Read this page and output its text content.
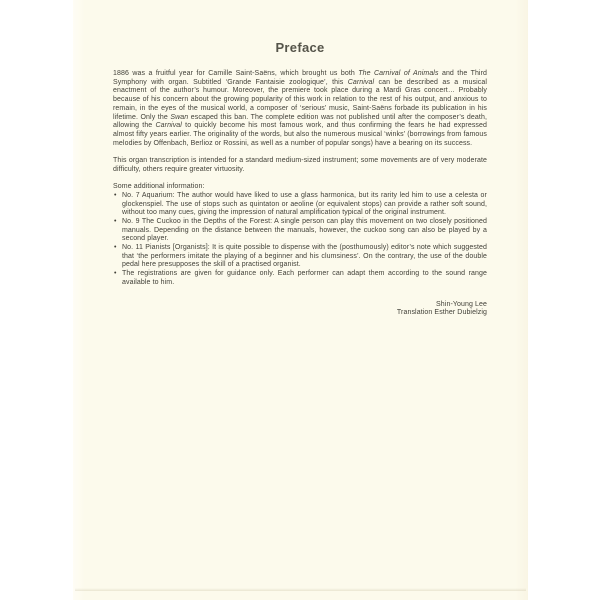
Preface

1886 was a fruitful year for Camille Saint-Saëns, which brought us both The Carnival of Animals and the Third Symphony with organ. Subtitled ‘Grande Fantaisie zoologique’, this Carnival can be described as a musical enactment of the author’s humour. Moreover, the premiere took place during a Mardi Gras concert… Probably because of his concern about the growing popularity of this work in relation to the rest of his output, and anxious to remain, in the eyes of the musical world, a composer of ‘serious’ music, Saint-Saëns forbade its publication in his lifetime. Only the Swan escaped this ban. The complete edition was not published until after the composer’s death, allowing the Carnival to quickly become his most famous work, and thus confirming the fears he had expressed almost fifty years earlier. The originality of the words, but also the numerous musical ‘winks’ (borrowings from famous melodies by Offenbach, Berlioz or Rossini, as well as a number of popular songs) have a bearing on its success.

This organ transcription is intended for a standard medium-sized instrument; some movements are of very moderate difficulty, others require greater virtuosity.

Some additional information:

• No. 7 Aquarium: The author would have liked to use a glass harmonica, but its rarity led him to use a celesta or glockenspiel. The use of stops such as quintaton or aeoline (or equivalent stops) can provide a rather soft sound, without too many cues, giving the impression of natural amplification typical of the original instrument.
• No. 9 The Cuckoo in the Depths of the Forest: A single person can play this movement on two closely positioned manuals. Depending on the distance between the manuals, however, the cuckoo song can also be played by a second player.
• No. 11 Pianists [Organists]: It is quite possible to dispense with the (posthumously) editor’s note which suggested that ‘the performers imitate the playing of a beginner and his clumsiness’. On the contrary, the use of the double pedal here presupposes the skill of a practised organist.
• The registrations are given for guidance only. Each performer can adapt them according to the sound range available to him.
Shin-Young Lee
Translation Esther Dubielzig
